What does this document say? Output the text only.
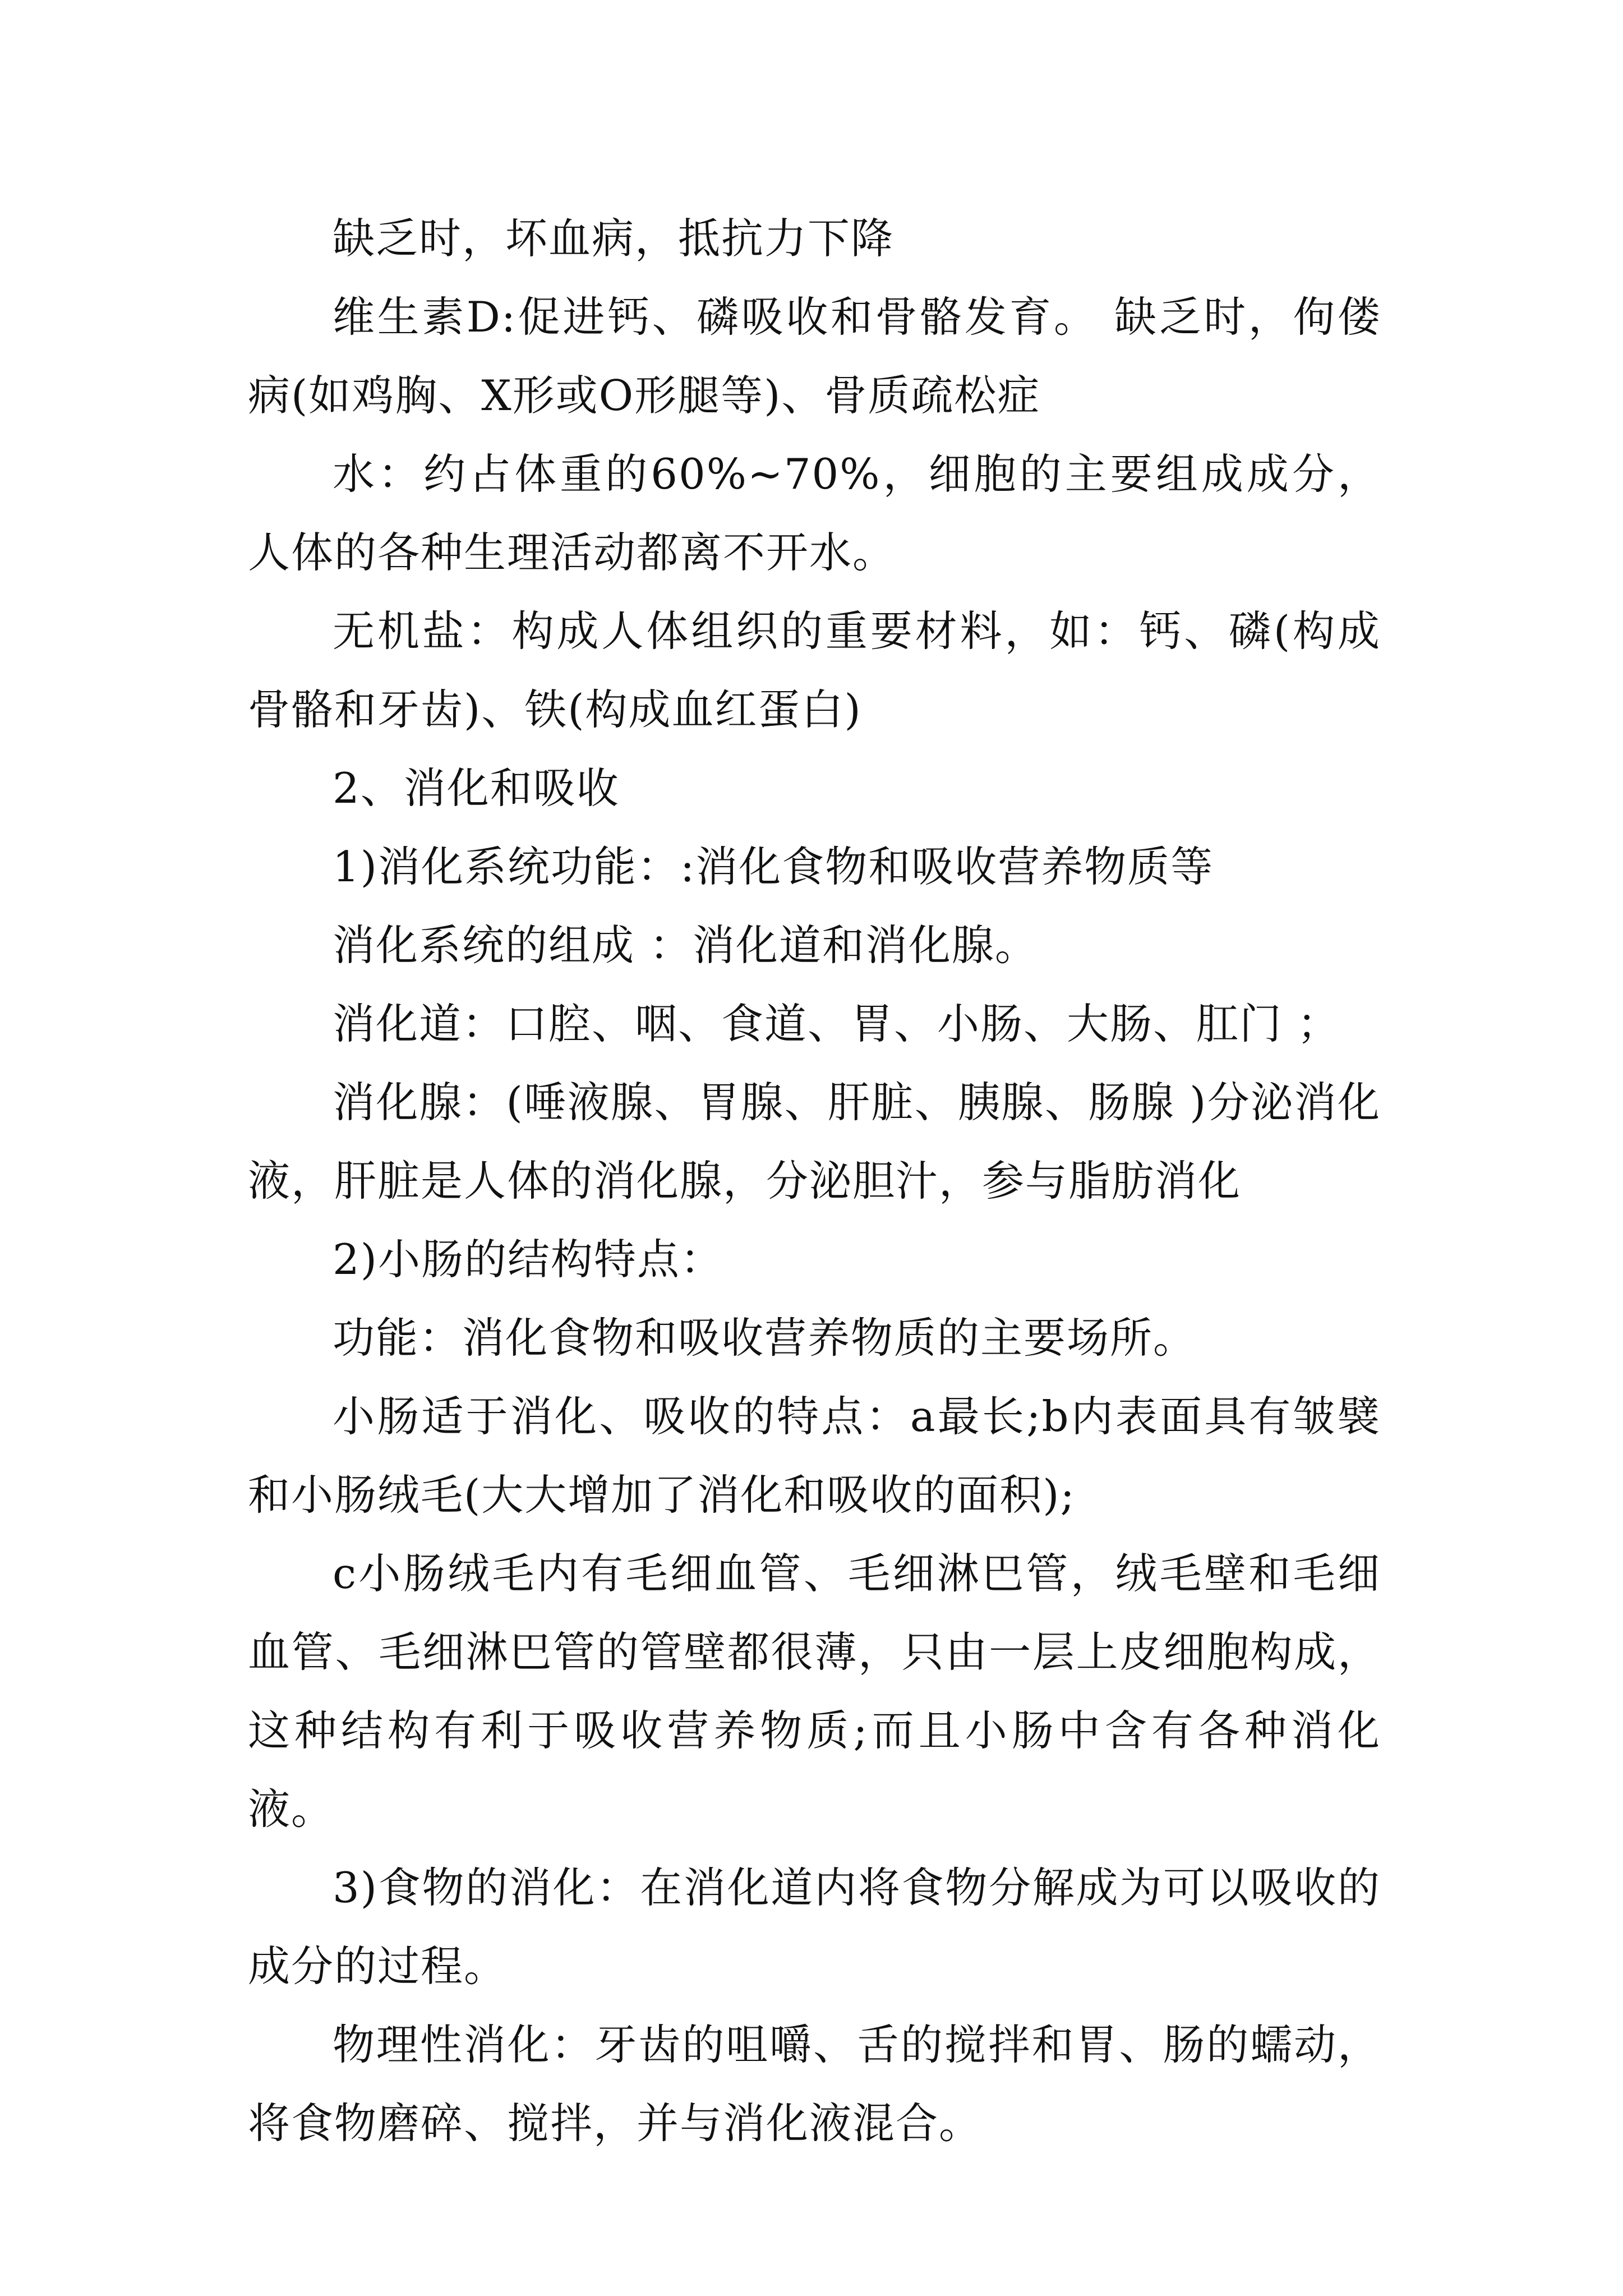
缺乏时，坏血病，抵抗力下降

维生素D:促进钙、磷吸收和骨骼发育。 缺乏时，佝偻病(如鸡胸、X形或O形腿等)、骨质疏松症

水：约占体重的60%~70%，细胞的主要组成成分，人体的各种生理活动都离不开水。

无机盐：构成人体组织的重要材料，如：钙、磷(构成骨骼和牙齿)、铁(构成血红蛋白)

2、消化和吸收

1)消化系统功能：:消化食物和吸收营养物质等

消化系统的组成 ：消化道和消化腺。

消化道：口腔、咽、食道、胃、小肠、大肠、肛门 ；

消化腺：(唾液腺、胃腺、肝脏、胰腺、肠腺 )分泌消化液，肝脏是人体的消化腺，分泌胆汁，参与脂肪消化

2)小肠的结构特点：

功能：消化食物和吸收营养物质的主要场所。

小肠适于消化、吸收的特点：a最长;b内表面具有皱襞和小肠绒毛(大大增加了消化和吸收的面积);

c小肠绒毛内有毛细血管、毛细淋巴管，绒毛壁和毛细血管、毛细淋巴管的管壁都很薄，只由一层上皮细胞构成，这种结构有利于吸收营养物质;而且小肠中含有各种消化液。

3)食物的消化：在消化道内将食物分解成为可以吸收的成分的过程。

物理性消化：牙齿的咀嚼、舌的搅拌和胃、肠的蠕动，将食物磨碎、搅拌，并与消化液混合。
